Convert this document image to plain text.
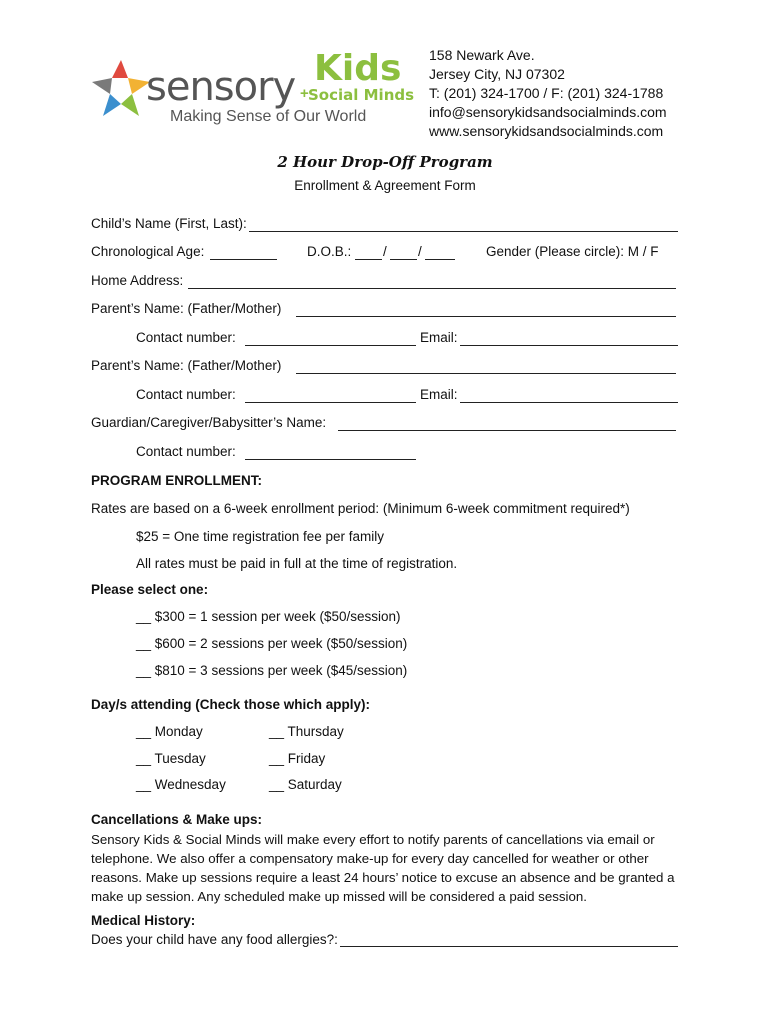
sensory Kids
Social Minds
+
Making Sense of Our World
158 Newark Ave.
Jersey City, NJ 07302
T: (201) 324-1700 / F: (201) 324-1788
info@sensorykidsandsocialminds.com
www.sensorykidsandsocialminds.com
2 Hour Drop-Off Program
Enrollment & Agreement Form
Child’s Name (First, Last):
Chronological Age:	D.O.B.: / /	Gender (Please circle): M / F
Home Address:
Parent’s Name: (Father/Mother)
Contact number:	Email:
Parent’s Name: (Father/Mother)
Contact number:	Email:
Guardian/Caregiver/Babysitter’s Name:
Contact number:
PROGRAM ENROLLMENT:
Rates are based on a 6-week enrollment period: (Minimum 6-week commitment required*)
$25 = One time registration fee per family
All rates must be paid in full at the time of registration.
Please select one:
__ $300 = 1 session per week ($50/session)
__ $600 = 2 sessions per week ($50/session)
__ $810 = 3 sessions per week ($45/session)
Day/s attending (Check those which apply):
__ Monday
__ Tuesday
__ Wednesday
__ Thursday
__ Friday
__ Saturday
Cancellations & Make ups:
Sensory Kids & Social Minds will make every effort to notify parents of cancellations via email or telephone. We also offer a compensatory make-up for every day cancelled for weather or other reasons. Make up sessions require a least 24 hours’ notice to excuse an absence and be granted a make up session. Any scheduled make up missed will be considered a paid session.
Medical History:
Does your child have any food allergies?:
